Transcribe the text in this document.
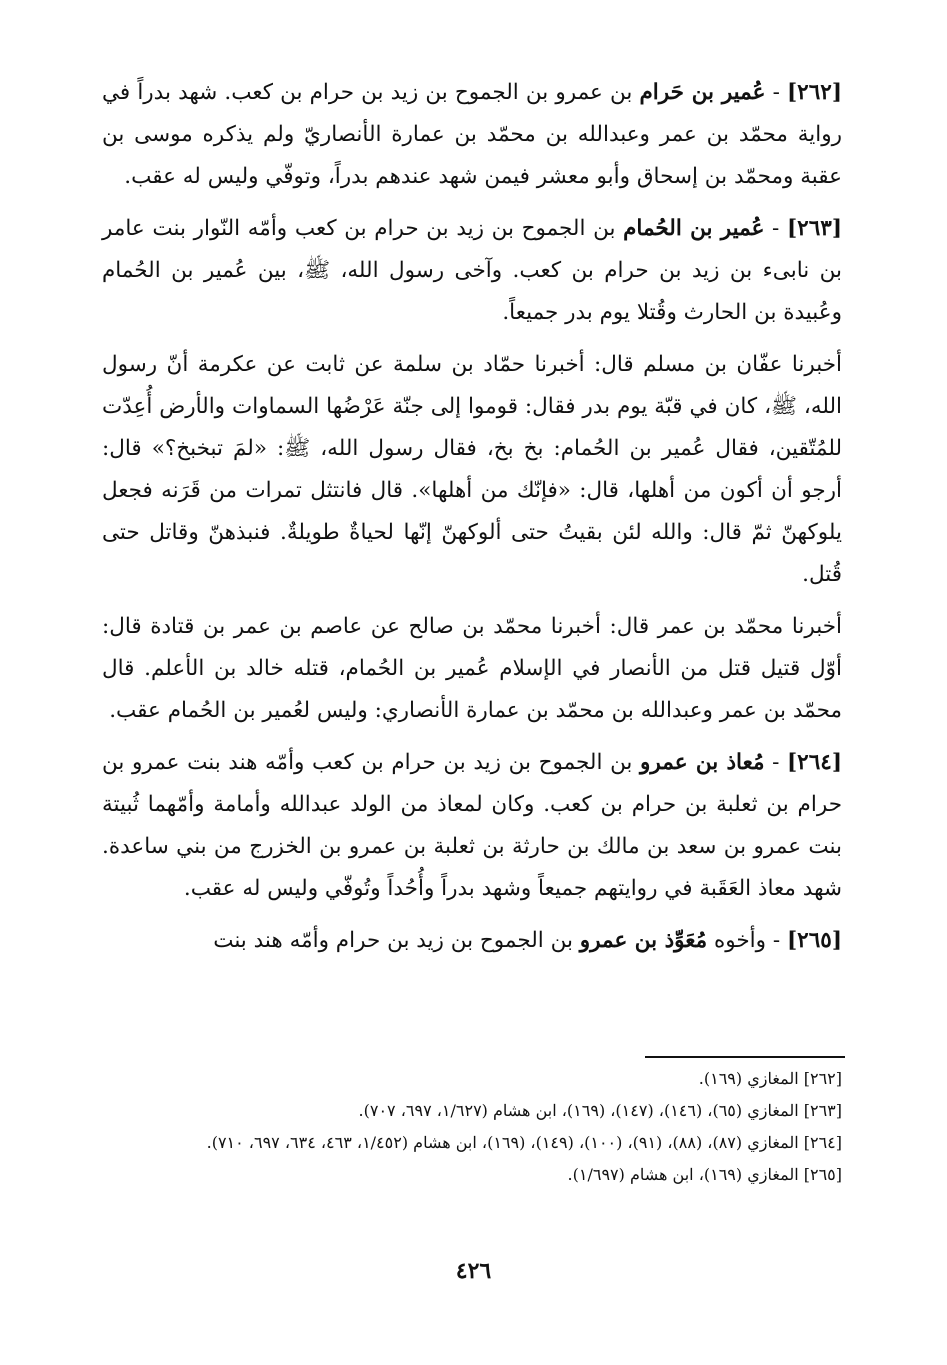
[٢٦٢] - عُمير بن حَرام بن عمرو بن الجموح بن زيد بن حرام بن كعب. شهد بدراً في رواية محمّد بن عمر وعبدالله بن محمّد بن عمارة الأنصاريّ ولم يذكره موسى بن عقبة ومحمّد بن إسحاق وأبو معشر فيمن شهد عندهم بدراً، وتوفّي وليس له عقب.

[٢٦٣] - عُمير بن الحُمام بن الجموح بن زيد بن حرام بن كعب وأمّه النّوار بنت عامر بن نابىء بن زيد بن حرام بن كعب. وآخى رسول الله، ﷺ، بين عُمير بن الحُمام وعُبيدة بن الحارث وقُتلا يوم بدر جميعاً.

أخبرنا عفّان بن مسلم قال: أخبرنا حمّاد بن سلمة عن ثابت عن عكرمة أنّ رسول الله، ﷺ، كان في قبّة يوم بدر فقال: قوموا إلى جنّة عَرْضُها السماوات والأرض أُعِدّت للمُتّقين، فقال عُمير بن الحُمام: بخ بخ، فقال رسول الله، ﷺ: «لمَ تبخبخ؟» قال: أرجو أن أكون من أهلها، قال: «فإنّك من أهلها». قال فانتثل تمرات من قَرَنه فجعل يلوكهنّ ثمّ قال: والله لئن بقيتُ حتى ألوكهنّ إنّها لحياةٌ طويلةٌ. فنبذهنّ وقاتل حتى قُتل.

أخبرنا محمّد بن عمر قال: أخبرنا محمّد بن صالح عن عاصم بن عمر بن قتادة قال: أوّل قتيل قتل من الأنصار في الإسلام عُمير بن الحُمام، قتله خالد بن الأعلم. قال محمّد بن عمر وعبدالله بن محمّد بن عمارة الأنصاري: وليس لعُمير بن الحُمام عقب.

[٢٦٤] - مُعاذ بن عمرو بن الجموح بن زيد بن حرام بن كعب وأمّه هند بنت عمرو بن حرام بن ثعلبة بن حرام بن كعب. وكان لمعاذ من الولد عبدالله وأمامة وأمّهما ثُبيتة بنت عمرو بن سعد بن مالك بن حارثة بن ثعلبة بن عمرو بن الخزرج من بني ساعدة. شهد معاذ العَقَبة في روايتهم جميعاً وشهد بدراً وأُحُداً وتُوفّي وليس له عقب.

[٢٦٥] - وأخوه مُعَوِّذ بن عمرو بن الجموح بن زيد بن حرام وأمّه هند بنت

[٢٦٢] المغازي (١٦٩).

[٢٦٣] المغازي (٦٥)، (١٤٦)، (١٤٧)، (١٦٩)، ابن هشام (١/٦٢٧، ٦٩٧، ٧٠٧).

[٢٦٤] المغازي (٨٧)، (٨٨)، (٩١)، (١٠٠)، (١٤٩)، (١٦٩)، ابن هشام (١/٤٥٢، ٤٦٣، ٦٣٤، ٦٩٧، ٧١٠).

[٢٦٥] المغازي (١٦٩)، ابن هشام (١/٦٩٧).

٤٢٦
